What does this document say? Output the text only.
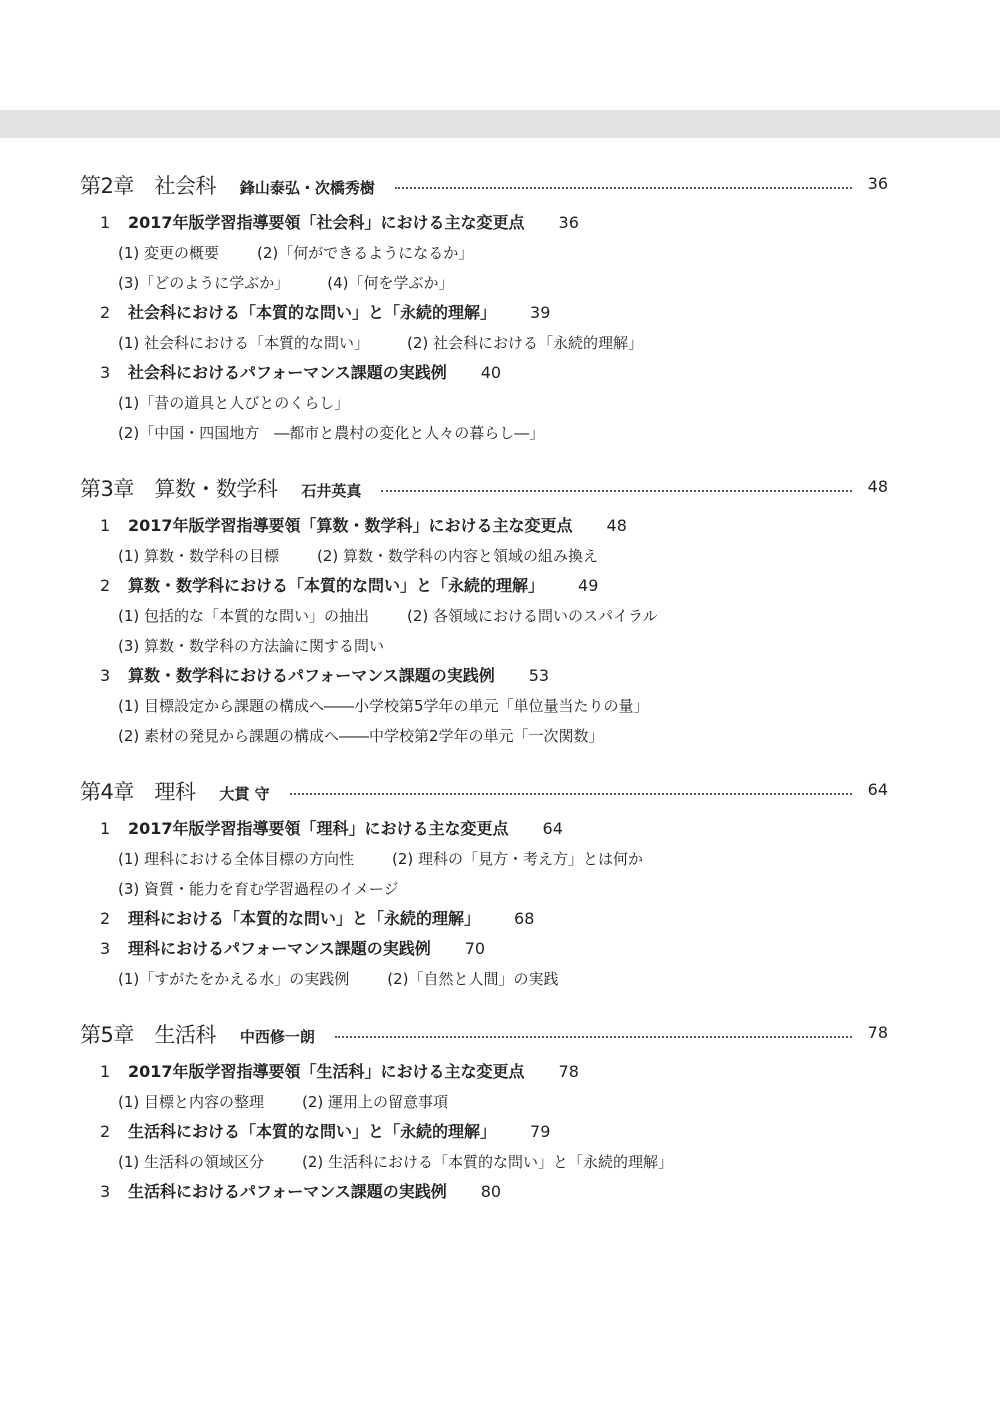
第2章　社会科 鋒山泰弘・次橋秀樹	36
1 2017年版学習指導要領「社会科」における主な変更点 36
(1) 変更の概要	(2)「何ができるようになるか」
(3)「どのように学ぶか」	(4)「何を学ぶか」
2 社会科における「本質的な問い」と「永続的理解」 39
(1) 社会科における「本質的な問い」	(2) 社会科における「永続的理解」
3 社会科におけるパフォーマンス課題の実践例 40
(1)「昔の道具と人びとのくらし」
(2)「中国・四国地方　―都市と農村の変化と人々の暮らし―」
第3章　算数・数学科 石井英真	48
1 2017年版学習指導要領「算数・数学科」における主な変更点 48
(1) 算数・数学科の目標	(2) 算数・数学科の内容と領域の組み換え
2 算数・数学科における「本質的な問い」と「永続的理解」 49
(1) 包括的な「本質的な問い」の抽出	(2) 各領域における問いのスパイラル
(3) 算数・数学科の方法論に関する問い
3 算数・数学科におけるパフォーマンス課題の実践例 53
(1) 目標設定から課題の構成へ――小学校第5学年の単元「単位量当たりの量」
(2) 素材の発見から課題の構成へ――中学校第2学年の単元「一次関数」
第4章　理科 大貫 守	64
1 2017年版学習指導要領「理科」における主な変更点 64
(1) 理科における全体目標の方向性	(2) 理科の「見方・考え方」とは何か
(3) 資質・能力を育む学習過程のイメージ
2 理科における「本質的な問い」と「永続的理解」 68
3 理科におけるパフォーマンス課題の実践例 70
(1)「すがたをかえる水」の実践例	(2)「自然と人間」の実践
第5章　生活科 中西修一朗	78
1 2017年版学習指導要領「生活科」における主な変更点 78
(1) 目標と内容の整理	(2) 運用上の留意事項
2 生活科における「本質的な問い」と「永続的理解」 79
(1) 生活科の領域区分	(2) 生活科における「本質的な問い」と「永続的理解」
3 生活科におけるパフォーマンス課題の実践例 80
